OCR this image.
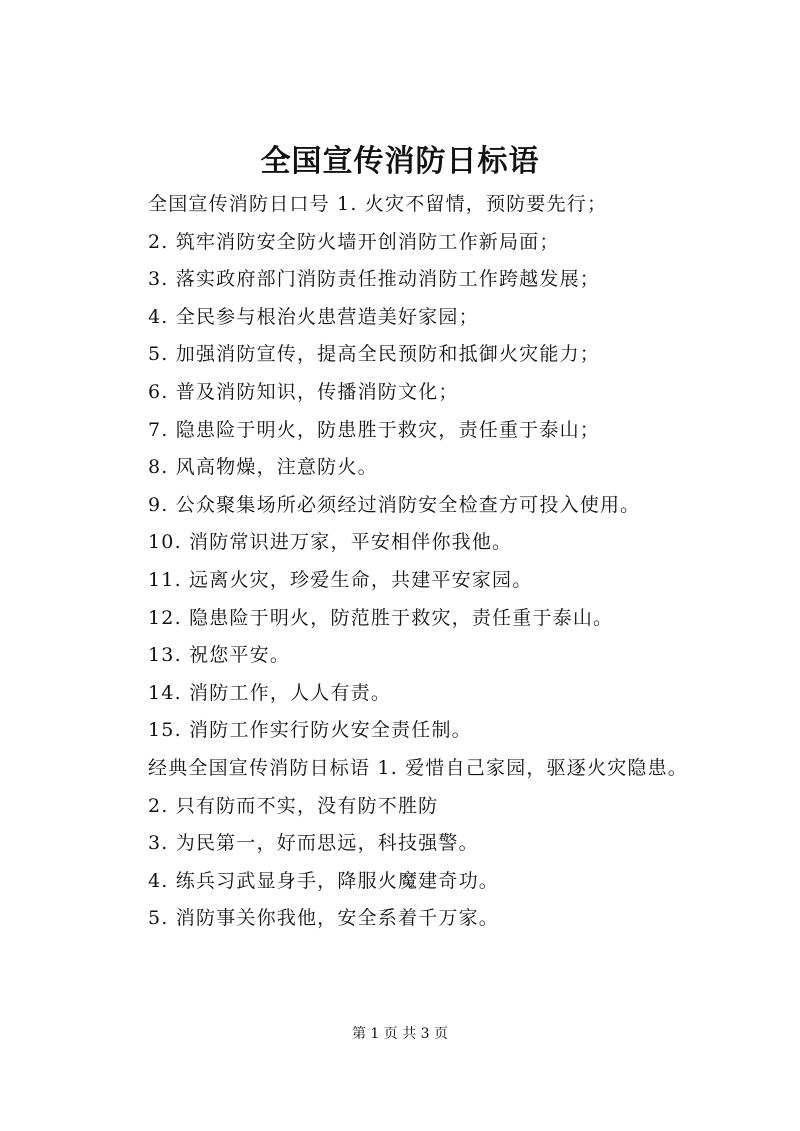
全国宣传消防日标语
全国宣传消防日口号 1. 火灾不留情，预防要先行；
2. 筑牢消防安全防火墙开创消防工作新局面；
3. 落实政府部门消防责任推动消防工作跨越发展；
4. 全民参与根治火患营造美好家园；
5. 加强消防宣传，提高全民预防和抵御火灾能力；
6. 普及消防知识，传播消防文化；
7. 隐患险于明火，防患胜于救灾，责任重于泰山；
8. 风高物燥，注意防火。
9. 公众聚集场所必须经过消防安全检查方可投入使用。
10. 消防常识进万家，平安相伴你我他。
11. 远离火灾，珍爱生命，共建平安家园。
12. 隐患险于明火，防范胜于救灾，责任重于泰山。
13. 祝您平安。
14. 消防工作，人人有责。
15. 消防工作实行防火安全责任制。
经典全国宣传消防日标语 1. 爱惜自己家园，驱逐火灾隐患。
2. 只有防而不实，没有防不胜防
3. 为民第一，好而思远，科技强警。
4. 练兵习武显身手，降服火魔建奇功。
5. 消防事关你我他，安全系着千万家。
第 1 页 共 3 页
